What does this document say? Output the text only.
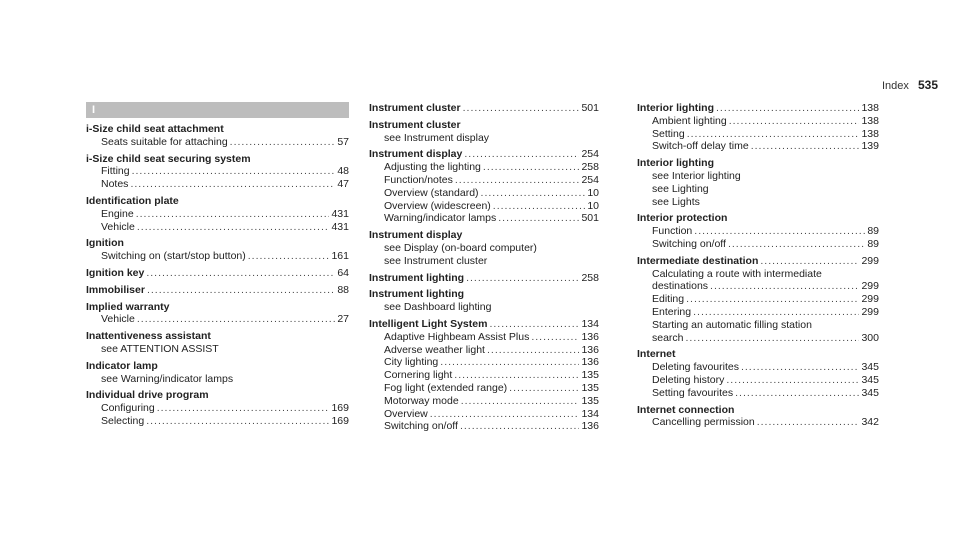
Index 535
I
i-Size child seat attachment
Seats suitable for attaching .....	57
i-Size child seat securing system
Fitting .....	48
Notes .....	47
Identification plate
Engine .....	431
Vehicle .....	431
Ignition
Switching on (start/stop button) .....	161
Ignition key .....	64
Immobiliser .....	88
Implied warranty
Vehicle .....	27
Inattentiveness assistant
see ATTENTION ASSIST
Indicator lamp
see Warning/indicator lamps
Individual drive program
Configuring .....	169
Selecting .....	169
Instrument cluster .....	501
Instrument cluster
see Instrument display
Instrument display .....	254
Adjusting the lighting .....	258
Function/notes .....	254
Overview (standard) .....	10
Overview (widescreen) .....	10
Warning/indicator lamps .....	501
Instrument display
see Display (on-board computer)
see Instrument cluster
Instrument lighting .....	258
Instrument lighting
see Dashboard lighting
Intelligent Light System .....	134
Adaptive Highbeam Assist Plus .....	136
Adverse weather light .....	136
City lighting .....	136
Cornering light .....	135
Fog light (extended range) .....	135
Motorway mode .....	135
Overview .....	134
Switching on/off .....	136
Interior lighting .....	138
Ambient lighting .....	138
Setting .....	138
Switch-off delay time .....	139
Interior lighting
see Interior lighting
see Lighting
see Lights
Interior protection
Function .....	89
Switching on/off .....	89
Intermediate destination .....	299
Calculating a route with intermediate
destinations .....	299
Editing .....	299
Entering .....	299
Starting an automatic filling station
search .....	300
Internet
Deleting favourites .....	345
Deleting history .....	345
Setting favourites .....	345
Internet connection
Cancelling permission .....	342
